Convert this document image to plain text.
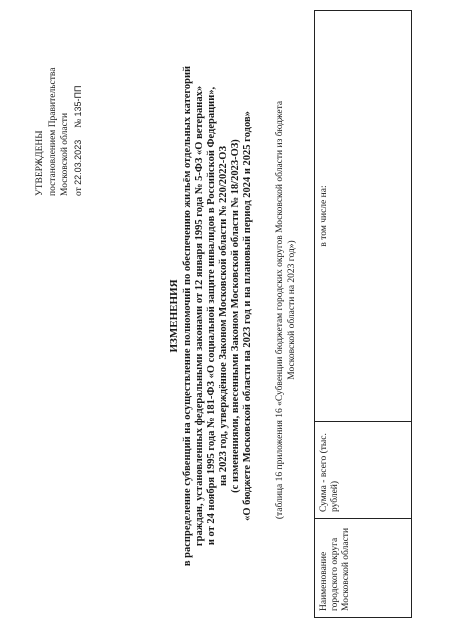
УТВЕРЖДЕНЫ постановлением Правительства Московской области от 22.03.2023     № 135-ПП
ИЗМЕНЕНИЯ в распределение субвенций на осуществление полномочий по обеспечению жильём отдельных категорий граждан, установленных федеральными законами от 12 января 1995 года № 5-ФЗ «О ветеранах» и от 24 ноября 1995 года № 181-ФЗ «О социальной защите инвалидов в Российской Федерации», на 2023 год, утверждённое Законом Московской области № 220/2022-ОЗ (с изменениями, внесенными Законом Московской области № 18/2023-ОЗ) «О бюджете Московской области на 2023 год и на плановый период 2024 и 2025 годов» (таблица 16 приложения 16 «Субвенции бюджетам городских округов Московской области из бюджета Московской области на 2023 год»)
Наименование городского округа Московской области	Сумма - всего (тыс. рублей)	в том числе на:
